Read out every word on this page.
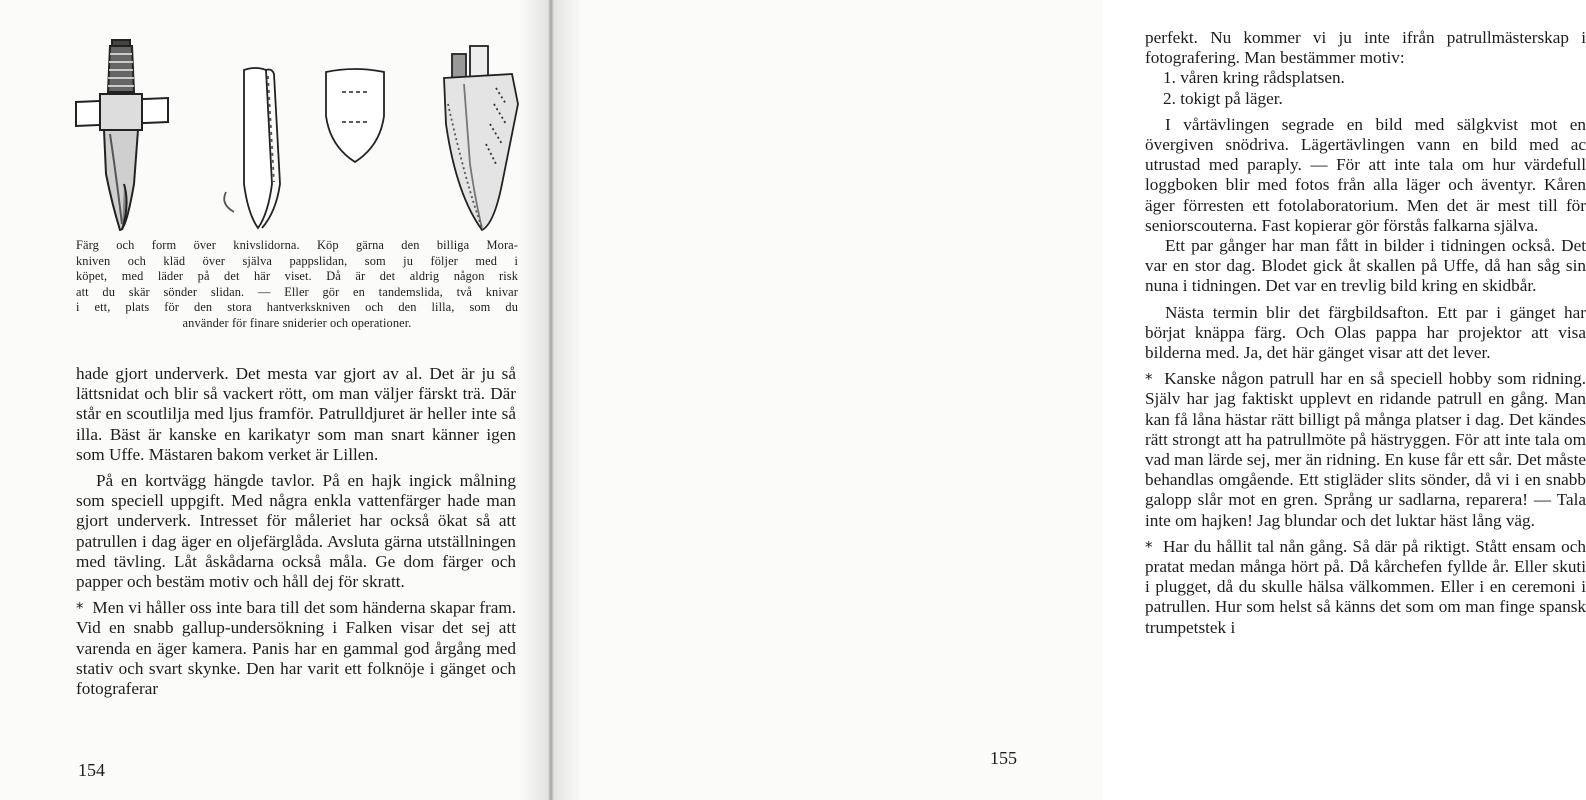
Färg och form över knivslidorna. Köp gärna den billiga Mora-
kniven och kläd över själva pappslidan, som ju följer med i
köpet, med läder på det här viset. Då är det aldrig någon risk
att du skär sönder slidan. — Eller gör en tandemslida, två knivar
i ett, plats för den stora hantverkskniven och den lilla, som du
använder för finare sniderier och operationer.

hade gjort underverk. Det mesta var gjort av al. Det är ju så lättsnidat och blir så vackert rött, om man väljer färskt trä. Där står en scoutlilja med ljus framför. Patrulldjuret är heller inte så illa. Bäst är kanske en karikatyr som man snart känner igen som Uffe. Mästaren bakom verket är Lillen.

På en kortvägg hängde tavlor. På en hajk ingick målning som speciell uppgift. Med några enkla vattenfärger hade man gjort underverk. Intresset för måleriet har också ökat så att patrullen i dag äger en oljefärglåda. Avsluta gärna utställningen med tävling. Låt åskådarna också måla. Ge dom färger och papper och bestäm motiv och håll dej för skratt.

* Men vi håller oss inte bara till det som händerna skapar fram. Vid en snabb gallup-undersökning i Falken visar det sej att varenda en äger kamera. Panis har en gammal god årgång med stativ och svart skynke. Den har varit ett folknöje i gänget och fotograferar

154

perfekt. Nu kommer vi ju inte ifrån patrullmästerskap i fotografering. Man bestämmer motiv:

1. våren kring rådsplatsen.

2. tokigt på läger.

I vårtävlingen segrade en bild med sälgkvist mot en övergiven snödriva. Lägertävlingen vann en bild med ac utrustad med paraply. — För att inte tala om hur värdefull loggboken blir med fotos från alla läger och äventyr. Kåren äger förresten ett fotolaboratorium. Men det är mest till för seniorscouterna. Fast kopierar gör förstås falkarna själva.

Ett par gånger har man fått in bilder i tidningen också. Det var en stor dag. Blodet gick åt skallen på Uffe, då han såg sin nuna i tidningen. Det var en trevlig bild kring en skidbår.

Nästa termin blir det färgbildsafton. Ett par i gänget har börjat knäppa färg. Och Olas pappa har projektor att visa bilderna med. Ja, det här gänget visar att det lever.

* Kanske någon patrull har en så speciell hobby som ridning. Själv har jag faktiskt upplevt en ridande patrull en gång. Man kan få låna hästar rätt billigt på många platser i dag. Det kändes rätt strongt att ha patrullmöte på hästryggen. För att inte tala om vad man lärde sej, mer än ridning. En kuse får ett sår. Det måste behandlas omgående. Ett stigläder slits sönder, då vi i en snabb galopp slår mot en gren. Språng ur sadlarna, reparera! — Tala inte om hajken! Jag blundar och det luktar häst lång väg.

* Har du hållit tal nån gång. Så där på riktigt. Stått ensam och pratat medan många hört på. Då kårchefen fyllde år. Eller skuti i plugget, då du skulle hälsa välkommen. Eller i en ceremoni i patrullen. Hur som helst så känns det som om man finge spansk trumpetstek i

155
